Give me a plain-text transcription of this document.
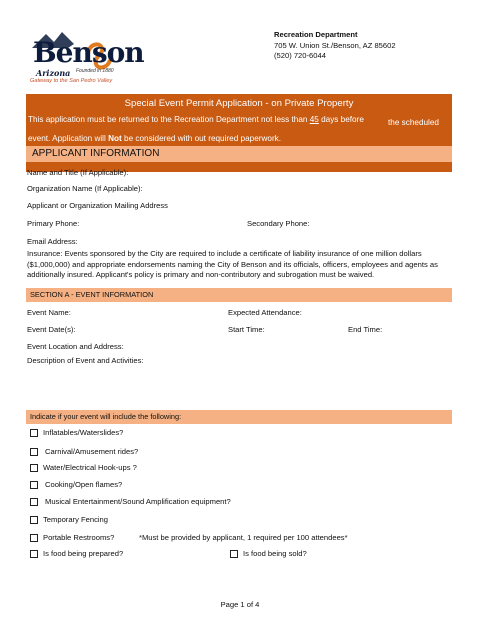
Benson
Arizona Founded in 1880
Gateway to the San Pedro Valley
Recreation Department
705 W. Union St./Benson, AZ 85602
(520) 720-6044
Special Event Permit Application - on Private Property
This application must be returned to the Recreation Department not less than 45 days before	the scheduled
event. Application will Not be considered with out required paperwork.
APPLICANT INFORMATION
Name and Title (If Applicable):
Organization Name (If Applicable):
Applicant or Organization Mailing Address
Primary Phone:	Secondary Phone:
Email Address:
Insurance: Events sponsored by the City are required to include a certificate of liability insurance of one million dollars ($1,000,000) and appropriate endorsements naming the City of Benson and its officials, officers, employees and agents as additionally insured. Applicant's policy is primary and non-contributory and subrogation must be waived.
SECTION A - EVENT INFORMATION
Event Name:	Expected Attendance:
Event Date(s):	Start Time:	End Time:
Event Location and Address:
Description of Event and Activities:
Indicate if your event will include the following:
Inflatables/Waterslides?
Carnival/Amusement rides?
Water/Electrical Hook-ups ?
Cooking/Open flames?
Musical Entertainment/Sound Amplification equipment?
Temporary Fencing
Portable Restrooms?	*Must be provided by applicant, 1 required per 100 attendees*
Is food being prepared?	Is food being sold?
Page 1 of 4
